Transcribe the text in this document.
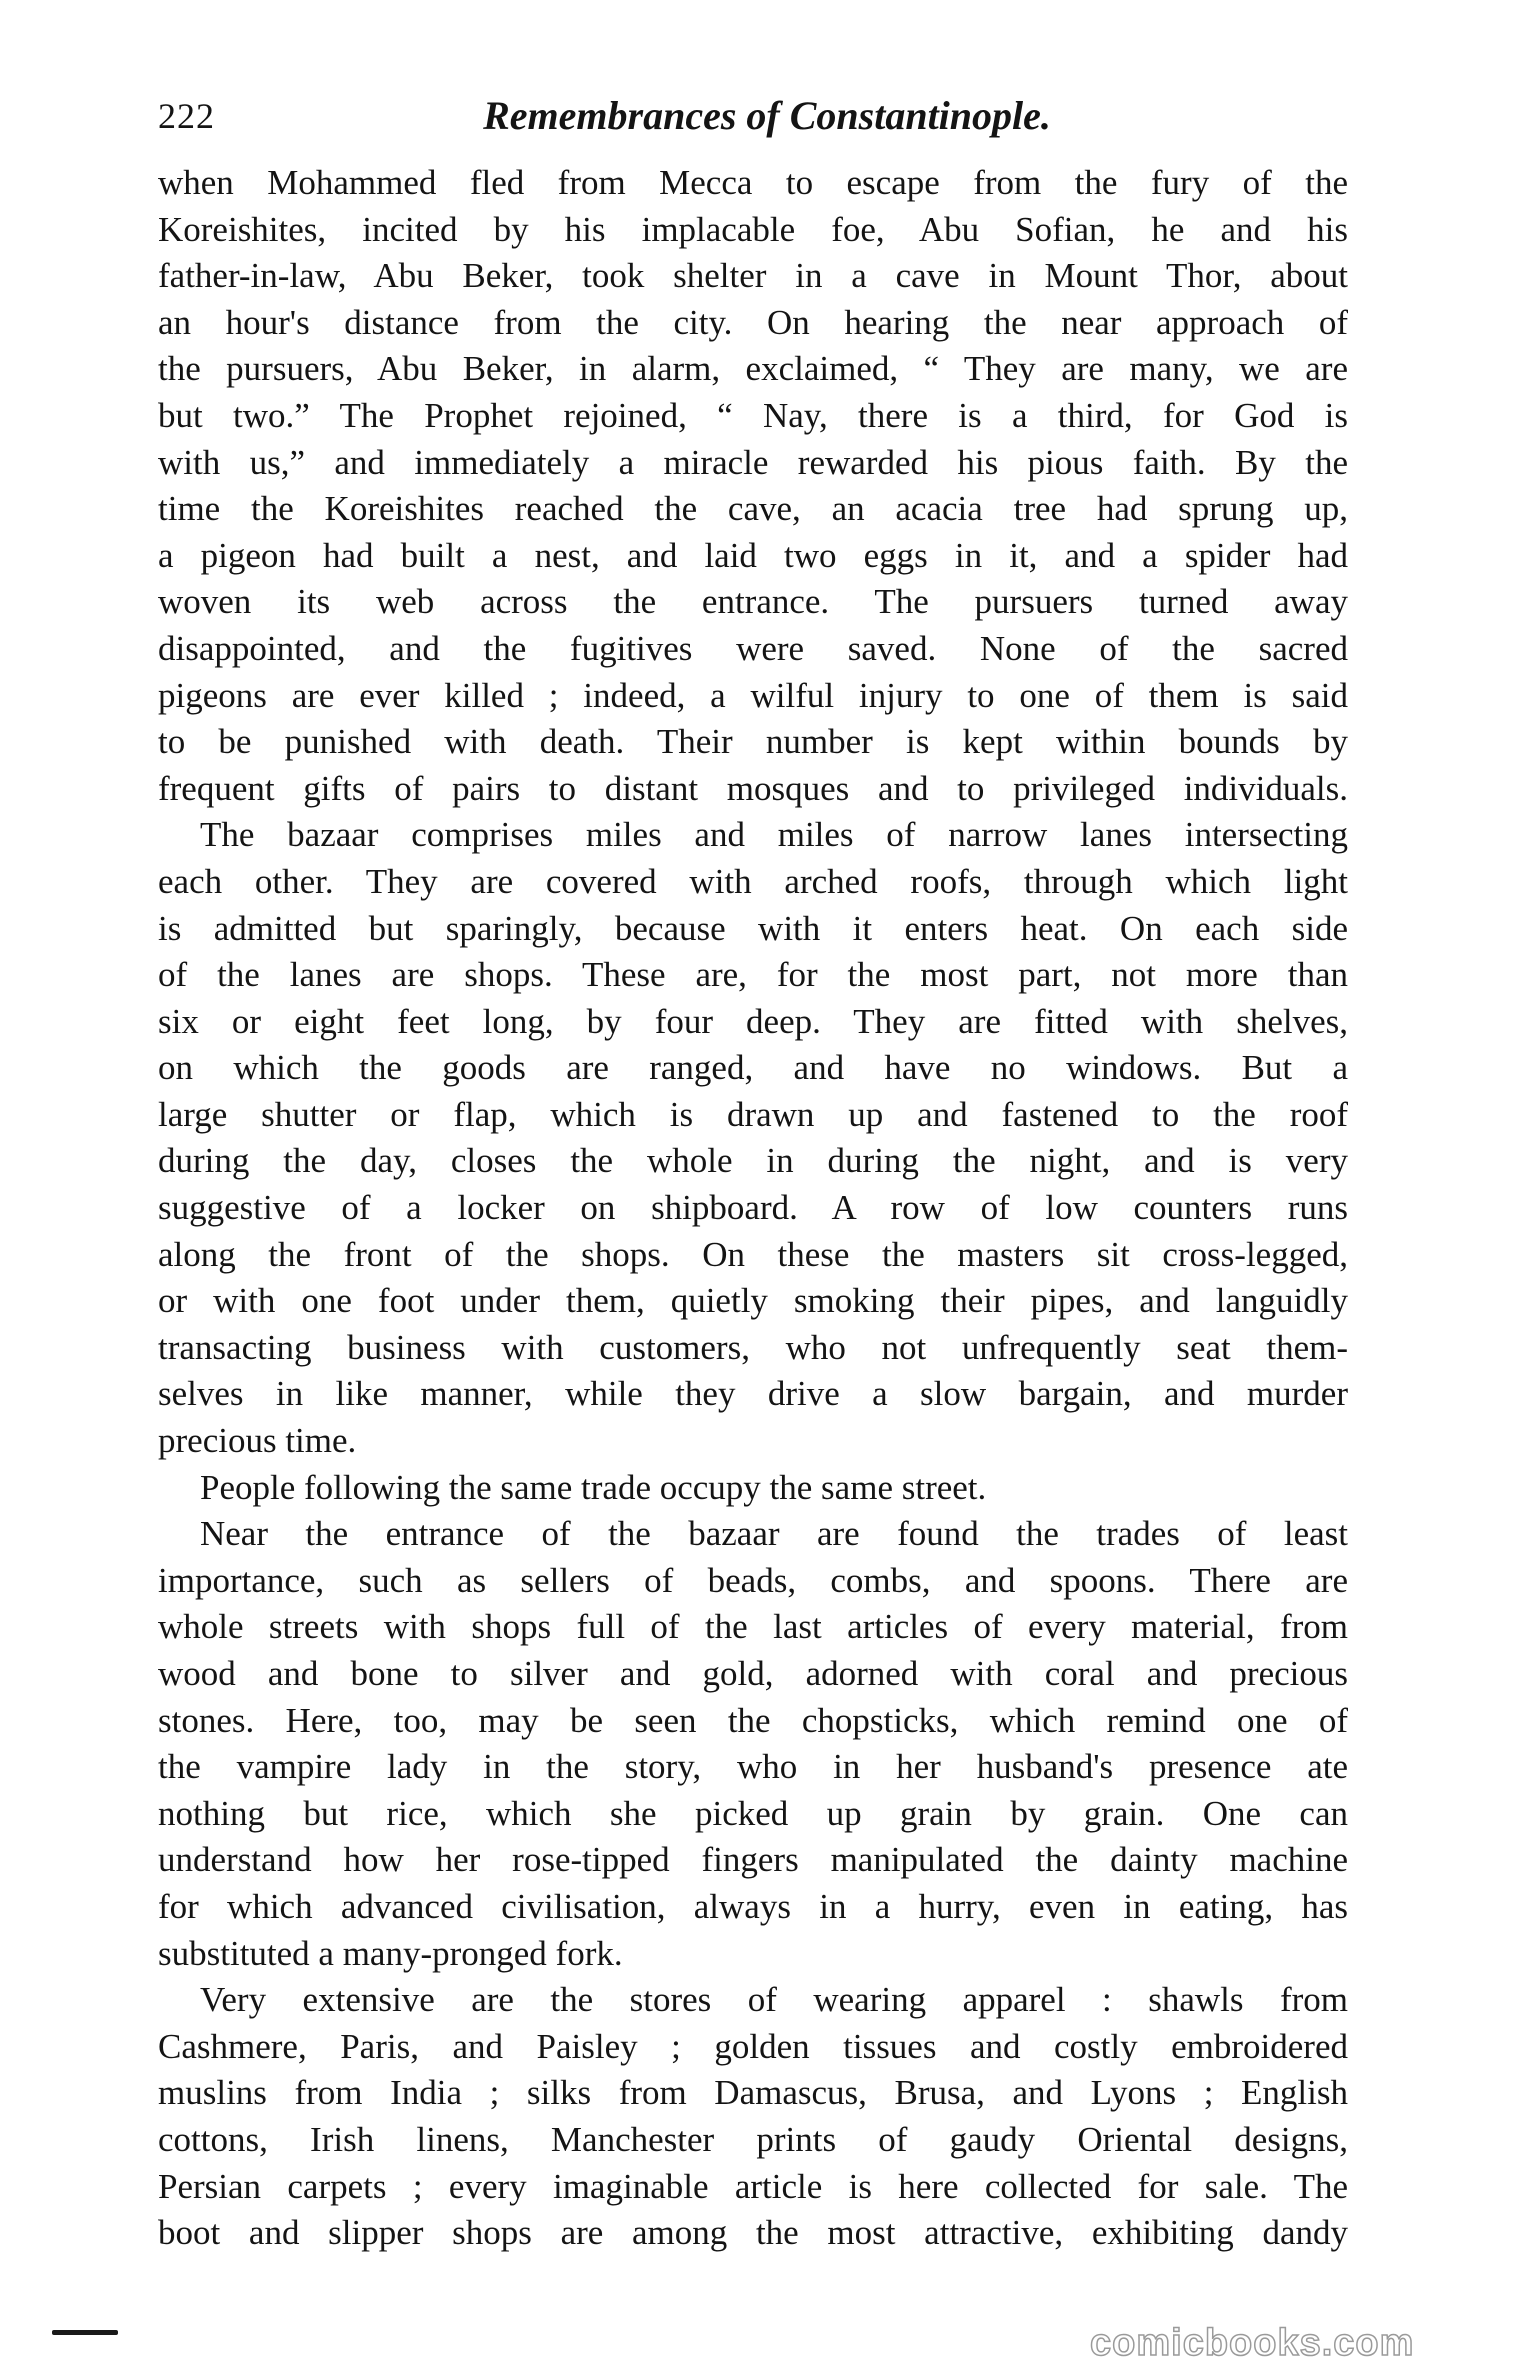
222	Remembrances of Constantinople.
when Mohammed fled from Mecca to escape from the fury of the
Koreishites, incited by his implacable foe, Abu Sofian, he and his
father-in-law, Abu Beker, took shelter in a cave in Mount Thor, about
an hour's distance from the city. On hearing the near approach of
the pursuers, Abu Beker, in alarm, exclaimed, “ They are many, we are
but two.” The Prophet rejoined, “ Nay, there is a third, for God is
with us,” and immediately a miracle rewarded his pious faith. By the
time the Koreishites reached the cave, an acacia tree had sprung up,
a pigeon had built a nest, and laid two eggs in it, and a spider had
woven its web across the entrance. The pursuers turned away
disappointed, and the fugitives were saved. None of the sacred
pigeons are ever killed ; indeed, a wilful injury to one of them is said
to be punished with death. Their number is kept within bounds by
frequent gifts of pairs to distant mosques and to privileged individuals.
The bazaar comprises miles and miles of narrow lanes intersecting
each other. They are covered with arched roofs, through which light
is admitted but sparingly, because with it enters heat. On each side
of the lanes are shops. These are, for the most part, not more than
six or eight feet long, by four deep. They are fitted with shelves,
on which the goods are ranged, and have no windows. But a
large shutter or flap, which is drawn up and fastened to the roof
during the day, closes the whole in during the night, and is very
suggestive of a locker on shipboard. A row of low counters runs
along the front of the shops. On these the masters sit cross-legged,
or with one foot under them, quietly smoking their pipes, and languidly
transacting business with customers, who not unfrequently seat them-
selves in like manner, while they drive a slow bargain, and murder
precious time.
People following the same trade occupy the same street.
Near the entrance of the bazaar are found the trades of least
importance, such as sellers of beads, combs, and spoons. There are
whole streets with shops full of the last articles of every material, from
wood and bone to silver and gold, adorned with coral and precious
stones. Here, too, may be seen the chopsticks, which remind one of
the vampire lady in the story, who in her husband's presence ate
nothing but rice, which she picked up grain by grain. One can
understand how her rose-tipped fingers manipulated the dainty machine
for which advanced civilisation, always in a hurry, even in eating, has
substituted a many-pronged fork.
Very extensive are the stores of wearing apparel : shawls from
Cashmere, Paris, and Paisley ; golden tissues and costly embroidered
muslins from India ; silks from Damascus, Brusa, and Lyons ; English
cottons, Irish linens, Manchester prints of gaudy Oriental designs,
Persian carpets ; every imaginable article is here collected for sale. The
boot and slipper shops are among the most attractive, exhibiting dandy
comicbooks.com
